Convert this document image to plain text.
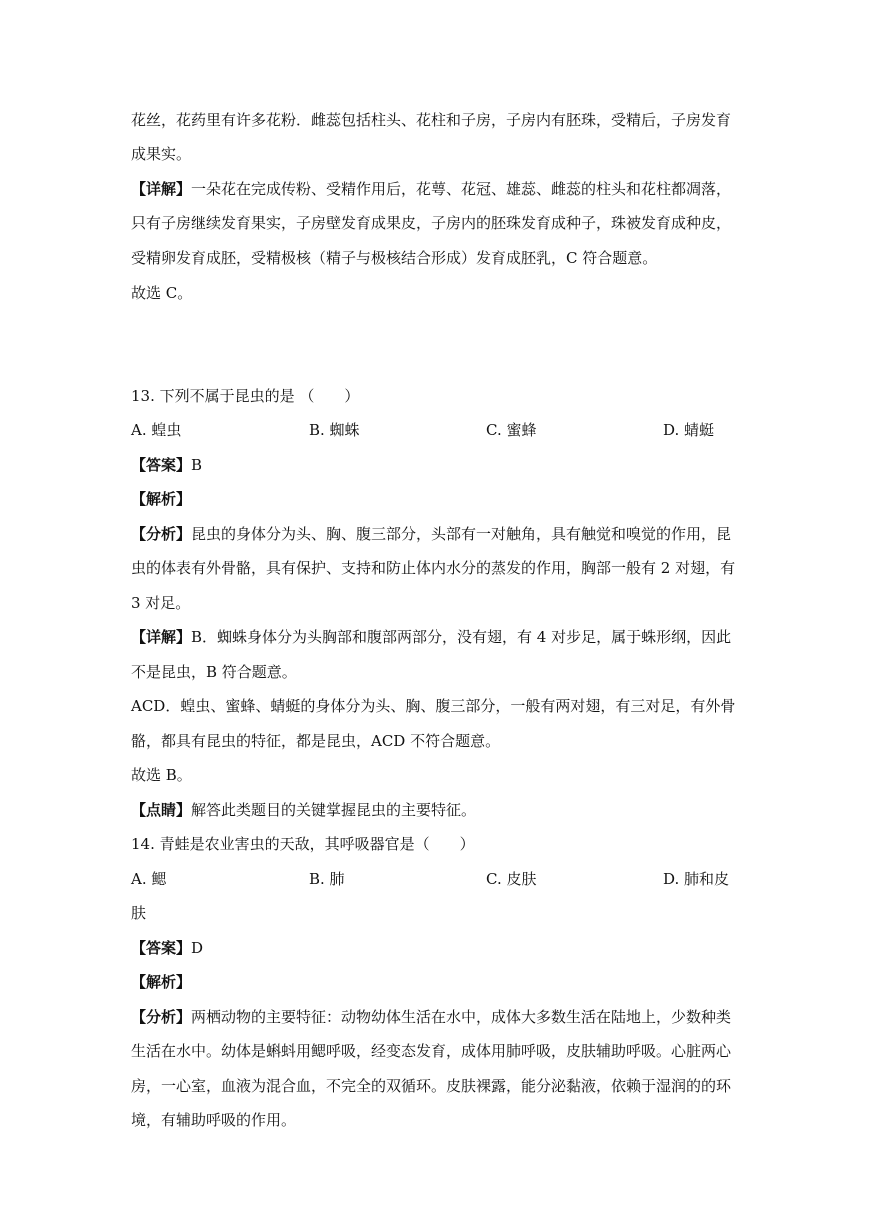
花丝，花药里有许多花粉．雌蕊包括柱头、花柱和子房，子房内有胚珠，受精后，子房发育
成果实。
【详解】一朵花在完成传粉、受精作用后，花萼、花冠、雄蕊、雌蕊的柱头和花柱都凋落，
只有子房继续发育果实，子房壁发育成果皮，子房内的胚珠发育成种子，珠被发育成种皮，
受精卵发育成胚，受精极核（精子与极核结合形成）发育成胚乳，C 符合题意。
故选 C。
13. 下列不属于昆虫的是 （　　）
A. 蝗虫	B. 蜘蛛	C. 蜜蜂	D. 蜻蜓
【答案】B
【解析】
【分析】昆虫的身体分为头、胸、腹三部分，头部有一对触角，具有触觉和嗅觉的作用，昆
虫的体表有外骨骼，具有保护、支持和防止体内水分的蒸发的作用，胸部一般有 2 对翅，有
3 对足。
【详解】B．蜘蛛身体分为头胸部和腹部两部分，没有翅，有 4 对步足，属于蛛形纲，因此
不是昆虫，B 符合题意。
ACD．蝗虫、蜜蜂、蜻蜓的身体分为头、胸、腹三部分，一般有两对翅，有三对足，有外骨
骼，都具有昆虫的特征，都是昆虫，ACD 不符合题意。
故选 B。
【点睛】解答此类题目的关键掌握昆虫的主要特征。
14. 青蛙是农业害虫的天敌，其呼吸器官是（　　）
A. 鳃	B. 肺	C. 皮肤	D. 肺和皮
肤
【答案】D
【解析】
【分析】两栖动物的主要特征：动物幼体生活在水中，成体大多数生活在陆地上，少数种类
生活在水中。幼体是蝌蚪用鳃呼吸，经变态发育，成体用肺呼吸，皮肤辅助呼吸。心脏两心
房，一心室，血液为混合血，不完全的双循环。皮肤裸露，能分泌黏液，依赖于湿润的的环
境，有辅助呼吸的作用。
